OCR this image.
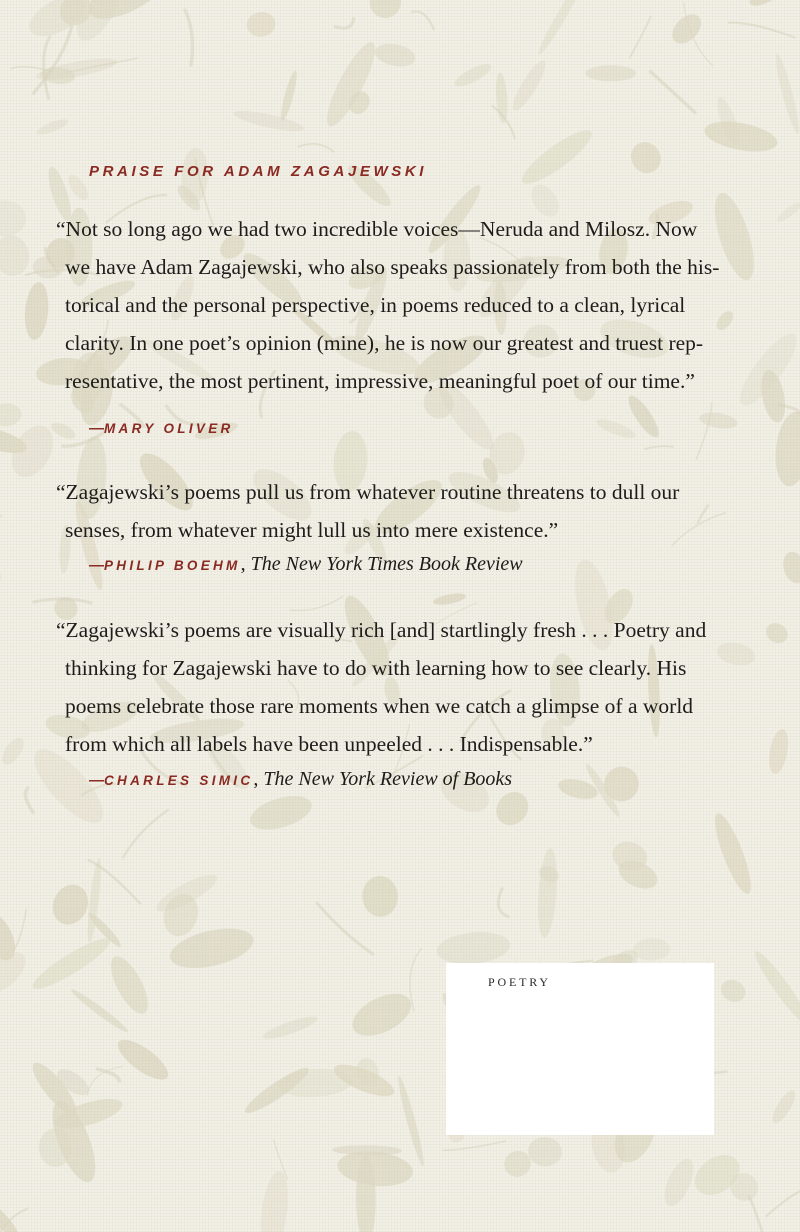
PRAISE FOR ADAM ZAGAJEWSKI
“Not so long ago we had two incredible voices—Neruda and Milosz. Now
we have Adam Zagajewski, who also speaks passionately from both the his-
torical and the personal perspective, in poems reduced to a clean, lyrical
clarity. In one poet’s opinion (mine), he is now our greatest and truest rep-
resentative, the most pertinent, impressive, meaningful poet of our time.”
—MARY OLIVER
“Zagajewski’s poems pull us from whatever routine threatens to dull our
senses, from whatever might lull us into mere existence.”
—PHILIP BOEHM, The New York Times Book Review
“Zagajewski’s poems are visually rich [and] startlingly fresh . . . Poetry and
thinking for Zagajewski have to do with learning how to see clearly. His
poems celebrate those rare moments when we catch a glimpse of a world
from which all labels have been unpeeled . . . Indispensable.”
—CHARLES SIMIC, The New York Review of Books
POETRY
